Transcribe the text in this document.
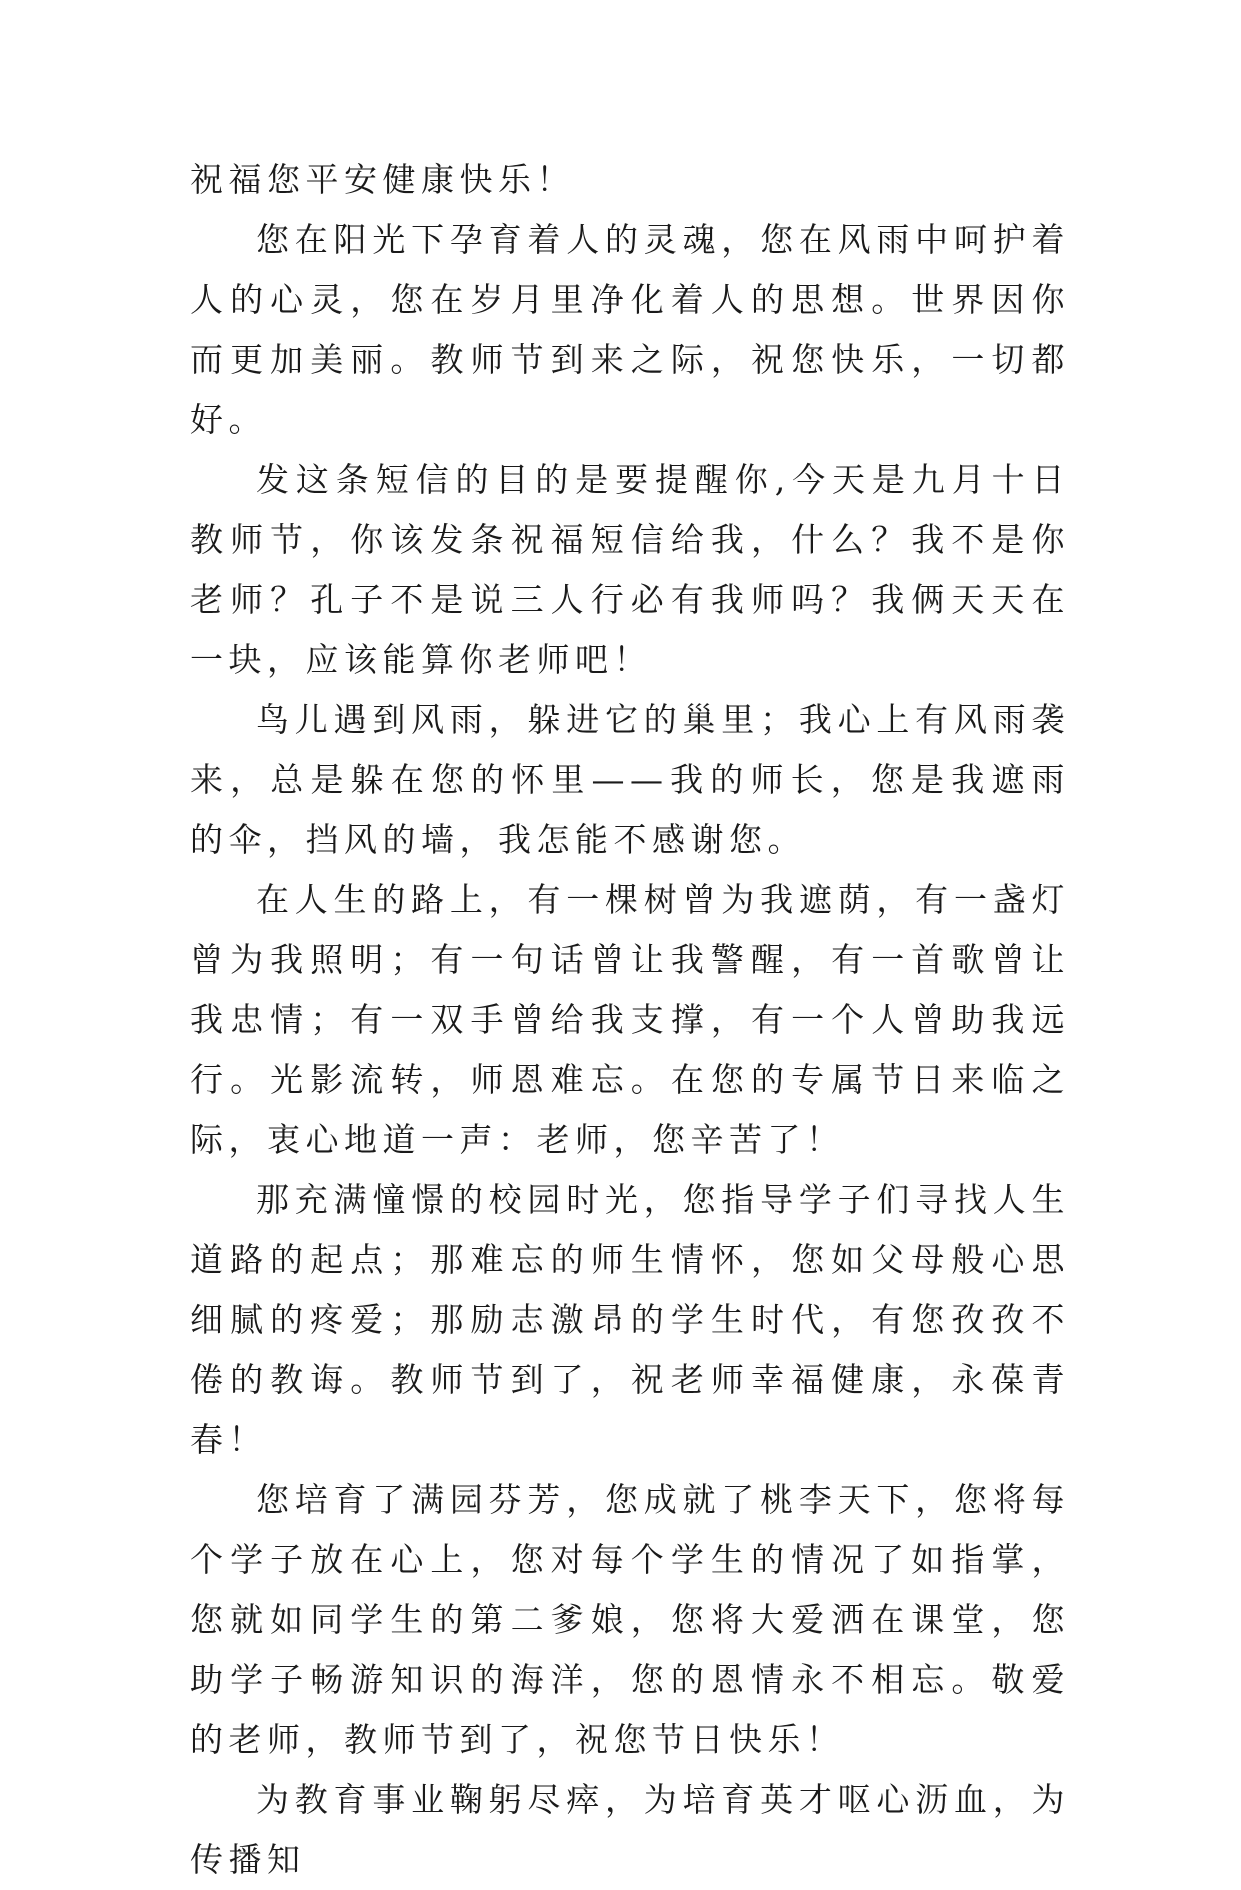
祝福您平安健康快乐！

您在阳光下孕育着人的灵魂，您在风雨中呵护着人的心灵，您在岁月里净化着人的思想。世界因你而更加美丽。教师节到来之际，祝您快乐，一切都好。

发这条短信的目的是要提醒你,今天是九月十日教师节，你该发条祝福短信给我，什么？我不是你老师？孔子不是说三人行必有我师吗？我俩天天在一块，应该能算你老师吧！

鸟儿遇到风雨，躲进它的巢里；我心上有风雨袭来，总是躲在您的怀里——我的师长，您是我遮雨的伞，挡风的墙，我怎能不感谢您。

在人生的路上，有一棵树曾为我遮荫，有一盏灯曾为我照明；有一句话曾让我警醒，有一首歌曾让我忠情；有一双手曾给我支撑，有一个人曾助我远行。光影流转，师恩难忘。在您的专属节日来临之际，衷心地道一声：老师，您辛苦了！

那充满憧憬的校园时光，您指导学子们寻找人生道路的起点；那难忘的师生情怀，您如父母般心思细腻的疼爱；那励志激昂的学生时代，有您孜孜不倦的教诲。教师节到了，祝老师幸福健康，永葆青春！

您培育了满园芬芳，您成就了桃李天下，您将每个学子放在心上，您对每个学生的情况了如指掌，您就如同学生的第二爹娘，您将大爱洒在课堂，您助学子畅游知识的海洋，您的恩情永不相忘。敬爱的老师，教师节到了，祝您节日快乐！

为教育事业鞠躬尽瘁，为培育英才呕心沥血，为传播知
